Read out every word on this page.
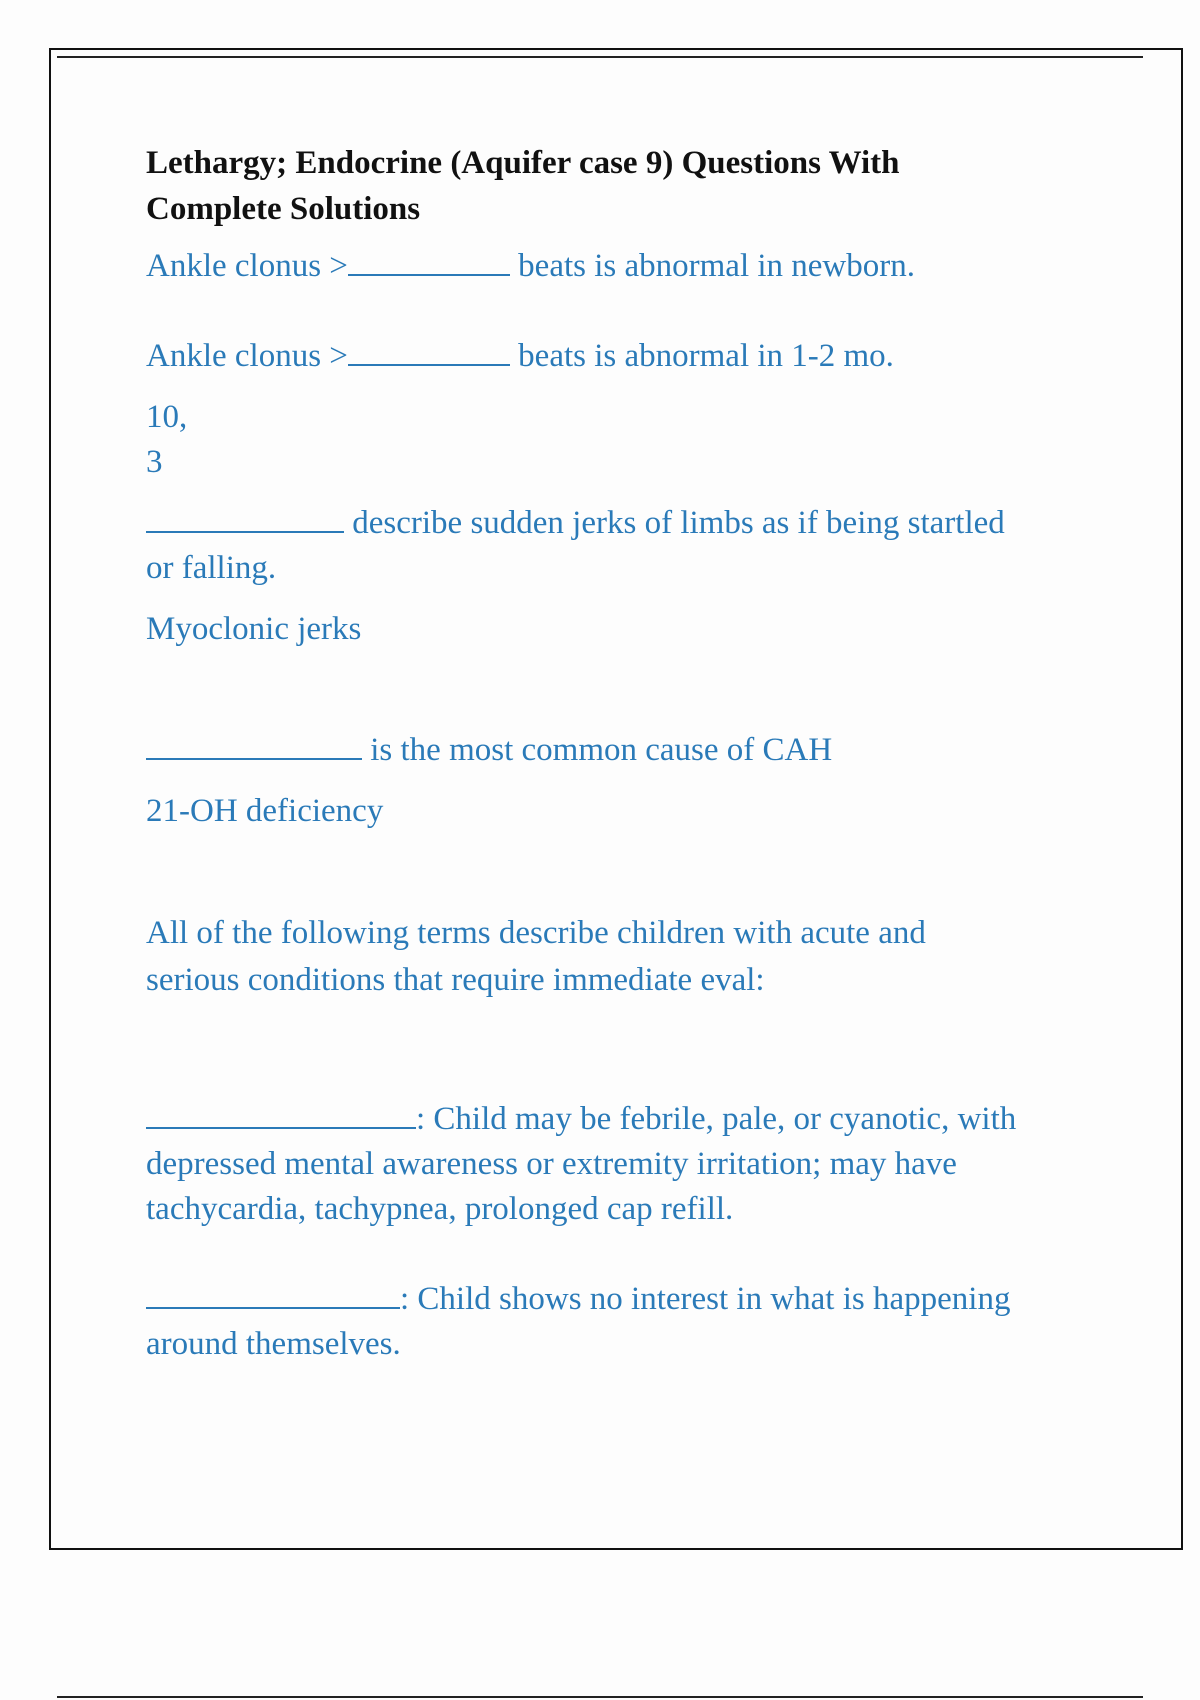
Lethargy; Endocrine (Aquifer case 9) Questions With
Complete Solutions

Ankle clonus >	beats is abnormal in newborn.

Ankle clonus >	beats is abnormal in 1-2 mo.

10,
3

describe sudden jerks of limbs as if being startled
or falling.

Myoclonic jerks

is the most common cause of CAH

21-OH deficiency

All of the following terms describe children with acute and
serious conditions that require immediate eval:

: Child may be febrile, pale, or cyanotic, with
depressed mental awareness or extremity irritation; may have
tachycardia, tachypnea, prolonged cap refill.

: Child shows no interest in what is happening
around themselves.
